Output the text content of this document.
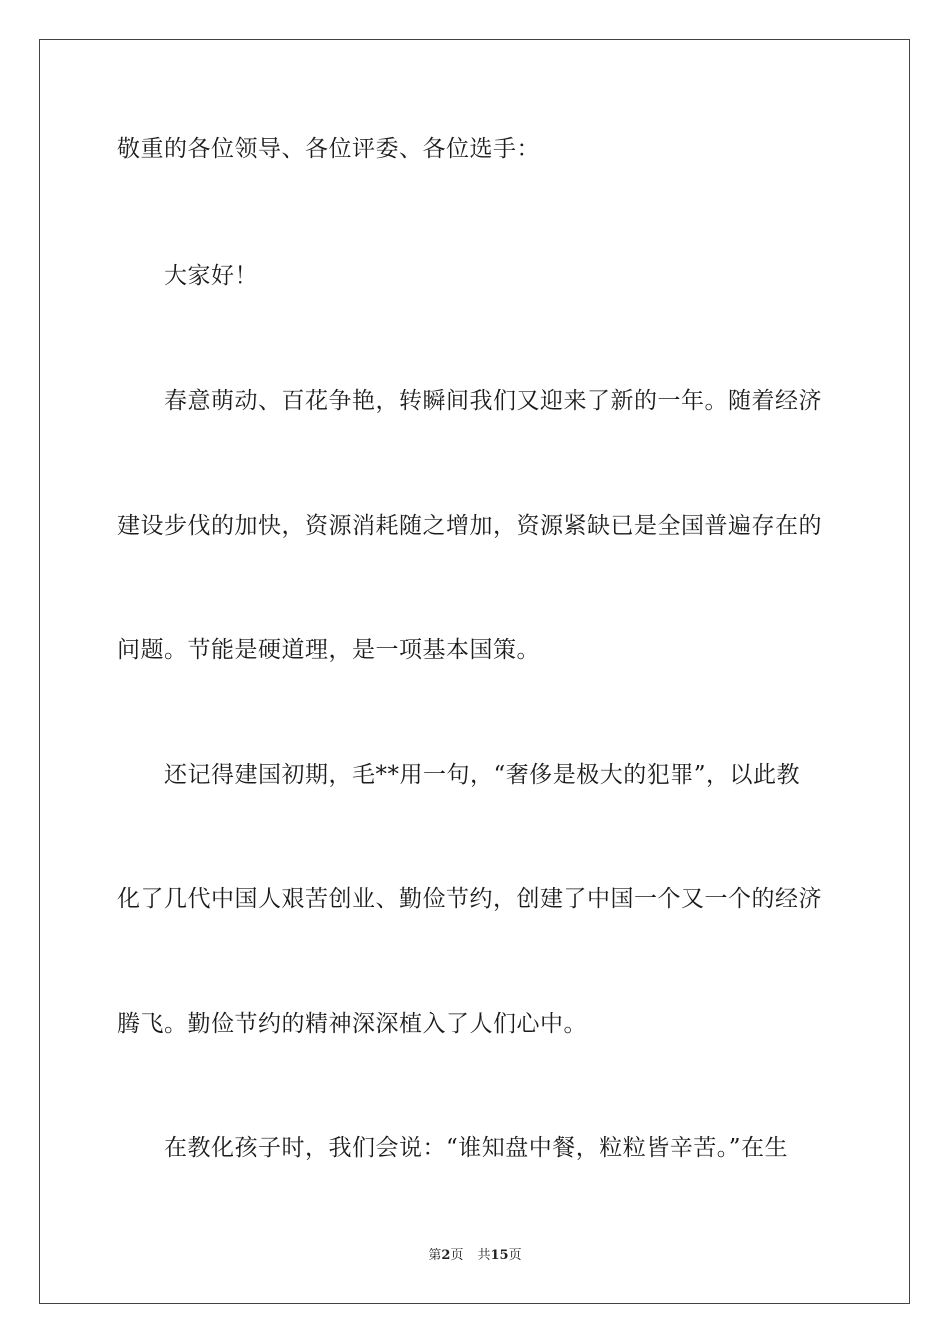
敬重的各位领导、各位评委、各位选手：
大家好！
春意萌动、百花争艳，转瞬间我们又迎来了新的一年。随着经济
建设步伐的加快，资源消耗随之增加，资源紧缺已是全国普遍存在的
问题。节能是硬道理，是一项基本国策。
还记得建国初期，毛**用一句，“奢侈是极大的犯罪”，以此教
化了几代中国人艰苦创业、勤俭节约，创建了中国一个又一个的经济
腾飞。勤俭节约的精神深深植入了人们心中。
在教化孩子时，我们会说：“谁知盘中餐，粒粒皆辛苦。”在生
第2页 共15页
